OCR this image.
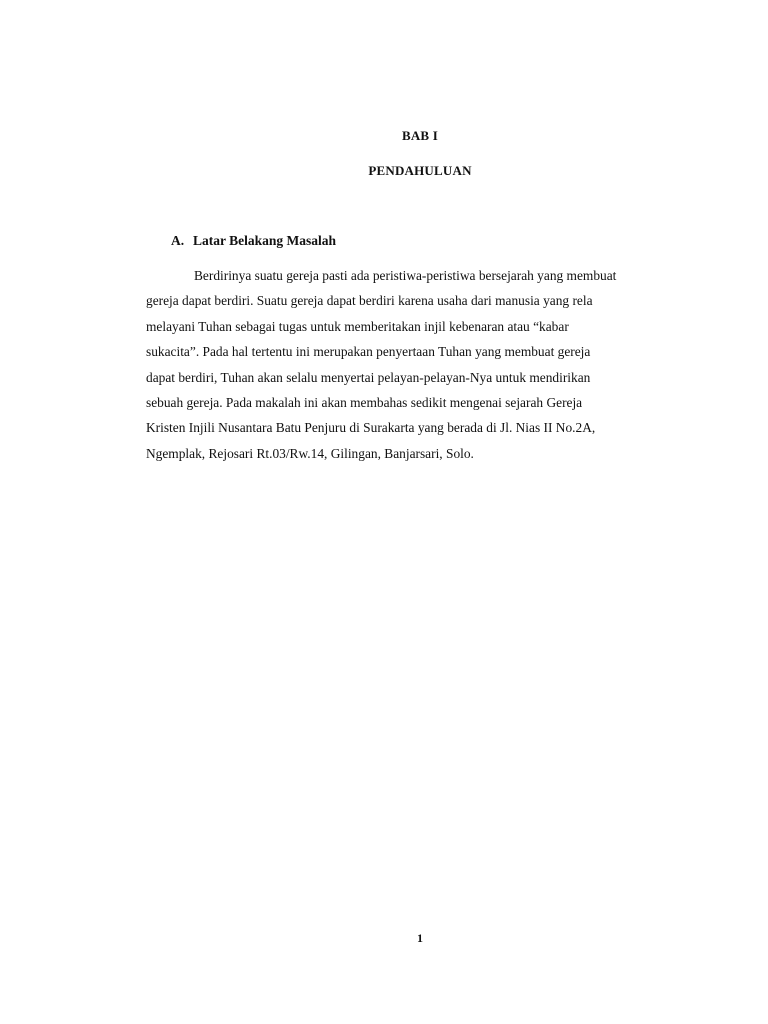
BAB I
PENDAHULUAN
A. Latar Belakang Masalah

Berdirinya suatu gereja pasti ada peristiwa-peristiwa bersejarah yang membuat
gereja dapat berdiri. Suatu gereja dapat berdiri karena usaha dari manusia yang rela
melayani Tuhan sebagai tugas untuk memberitakan injil kebenaran atau “kabar
sukacita”. Pada hal tertentu ini merupakan penyertaan Tuhan yang membuat gereja
dapat berdiri, Tuhan akan selalu menyertai pelayan-pelayan-Nya untuk mendirikan
sebuah gereja. Pada makalah ini akan membahas sedikit mengenai sejarah Gereja
Kristen Injili Nusantara Batu Penjuru di Surakarta yang berada di Jl. Nias II No.2A,
Ngemplak, Rejosari Rt.03/Rw.14, Gilingan, Banjarsari, Solo.

1
